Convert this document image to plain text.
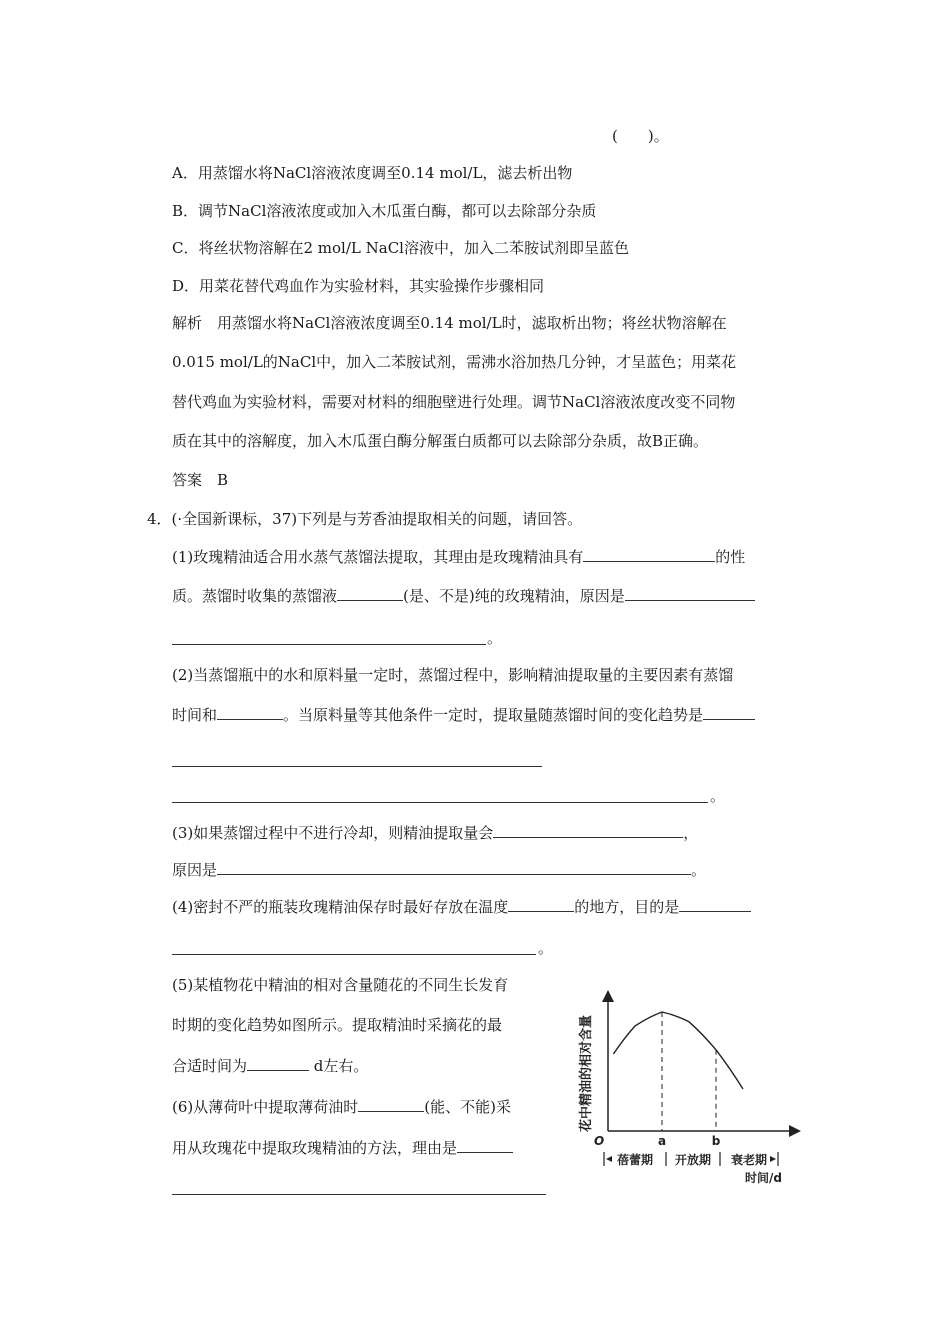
(　　)。
A．用蒸馏水将NaCl溶液浓度调至0.14 mol/L，滤去析出物
B．调节NaCl溶液浓度或加入木瓜蛋白酶，都可以去除部分杂质
C．将丝状物溶解在2 mol/L NaCl溶液中，加入二苯胺试剂即呈蓝色
D．用菜花替代鸡血作为实验材料，其实验操作步骤相同
解析　用蒸馏水将NaCl溶液浓度调至0.14 mol/L时，滤取析出物；将丝状物溶解在
0.015 mol/L的NaCl中，加入二苯胺试剂，需沸水浴加热几分钟，才呈蓝色；用菜花
替代鸡血为实验材料，需要对材料的细胞壁进行处理。调节NaCl溶液浓度改变不同物
质在其中的溶解度，加入木瓜蛋白酶分解蛋白质都可以去除部分杂质，故B正确。
答案　B
4．(·全国新课标，37)下列是与芳香油提取相关的问题，请回答。
(1)玫瑰精油适合用水蒸气蒸馏法提取，其理由是玫瑰精油具有	的性
质。蒸馏时收集的蒸馏液	(是、不是)纯的玫瑰精油，原因是
。
(2)当蒸馏瓶中的水和原料量一定时，蒸馏过程中，影响精油提取量的主要因素有蒸馏
时间和	。当原料量等其他条件一定时，提取量随蒸馏时间的变化趋势是
。
(3)如果蒸馏过程中不进行冷却，则精油提取量会	，
原因是	。
(4)密封不严的瓶装玫瑰精油保存时最好存放在温度	的地方，目的是
。
(5)某植物花中精油的相对含量随花的不同生长发育
时期的变化趋势如图所示。提取精油时采摘花的最
合适时间为	d左右。
(6)从薄荷叶中提取薄荷油时	(能、不能)采
用从玫瑰花中提取玫瑰精油的方法，理由是
花中精油的相对含量
O	a	b
蓓蕾期 开放期 衰老期
时间/d
